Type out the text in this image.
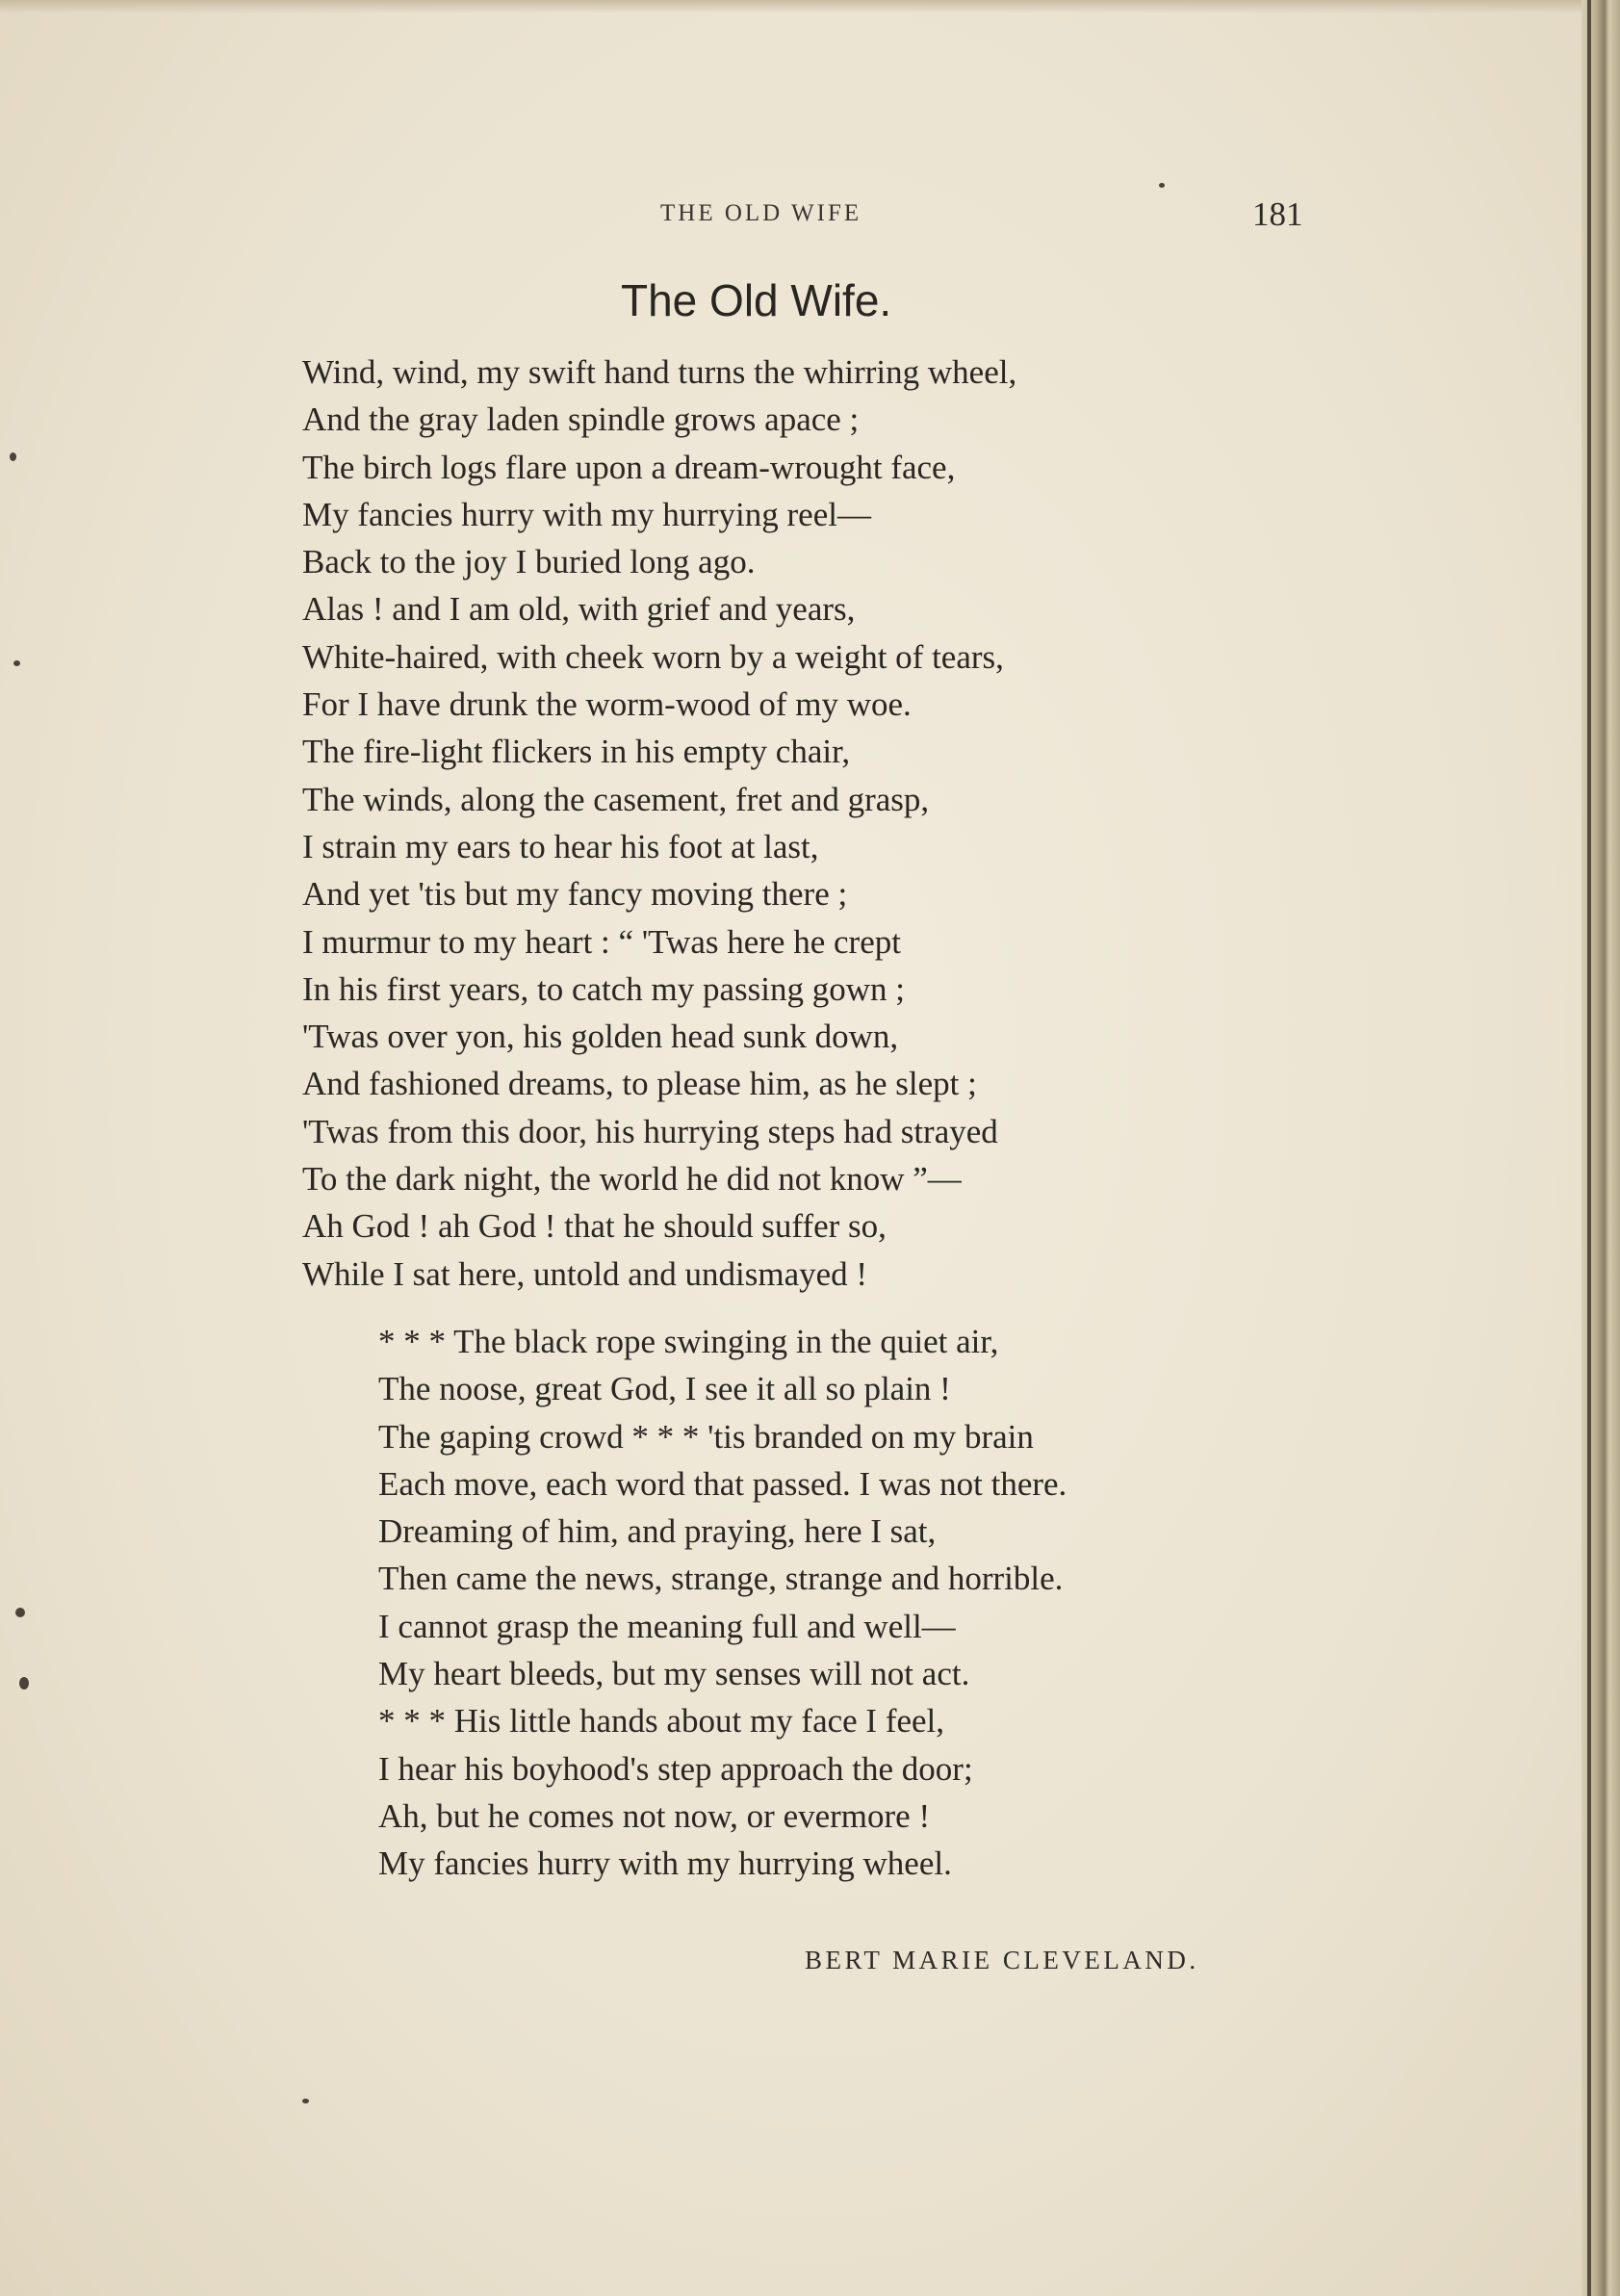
THE OLD WIFE	181
The Old Wife.
Wind, wind, my swift hand turns the whirring wheel,
And the gray laden spindle grows apace ;
The birch logs flare upon a dream-wrought face,
My fancies hurry with my hurrying reel—
Back to the joy I buried long ago.
Alas ! and I am old, with grief and years,
White-haired, with cheek worn by a weight of tears,
For I have drunk the worm-wood of my woe.
The fire-light flickers in his empty chair,
The winds, along the casement, fret and grasp,
I strain my ears to hear his foot at last,
And yet 'tis but my fancy moving there ;
I murmur to my heart : “ 'Twas here he crept
In his first years, to catch my passing gown ;
'Twas over yon, his golden head sunk down,
And fashioned dreams, to please him, as he slept ;
'Twas from this door, his hurrying steps had strayed
To the dark night, the world he did not know ”—
Ah God ! ah God ! that he should suffer so,
While I sat here, untold and undismayed !
* * * The black rope swinging in the quiet air,
The noose, great God, I see it all so plain !
The gaping crowd * * * 'tis branded on my brain
Each move, each word that passed. I was not there.
Dreaming of him, and praying, here I sat,
Then came the news, strange, strange and horrible.
I cannot grasp the meaning full and well—
My heart bleeds, but my senses will not act.
* * * His little hands about my face I feel,
I hear his boyhood's step approach the door;
Ah, but he comes not now, or evermore !
My fancies hurry with my hurrying wheel.
BERT MARIE CLEVELAND.
